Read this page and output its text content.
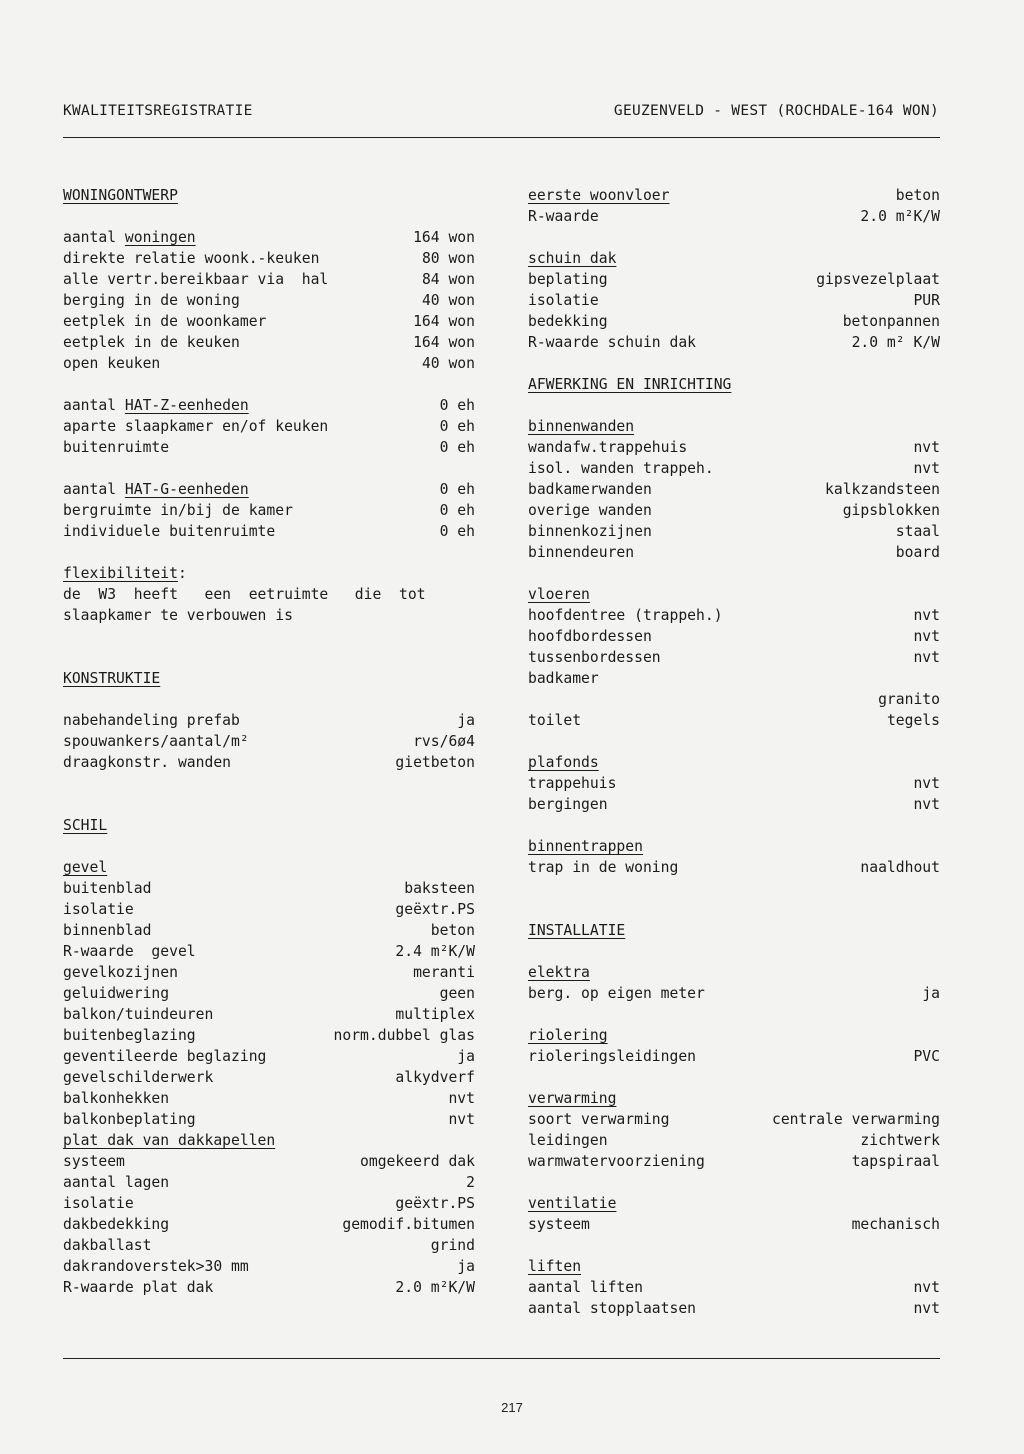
KWALITEITSREGISTRATIE	GEUZENVELD - WEST (ROCHDALE-164 WON)
WONINGONTWERP
aantal woningen	164 won
direkte relatie woonk.-keuken	80 won
alle vertr.bereikbaar via  hal	84 won
berging in de woning	40 won
eetplek in de woonkamer	164 won
eetplek in de keuken	164 won
open keuken	40 won
aantal HAT-Z-eenheden	0 eh
aparte slaapkamer en/of keuken	0 eh
buitenruimte	0 eh
aantal HAT-G-eenheden	0 eh
bergruimte in/bij de kamer	0 eh
individuele buitenruimte	0 eh
flexibiliteit:
de  W3  heeft   een  eetruimte   die  tot
slaapkamer te verbouwen is
KONSTRUKTIE
nabehandeling prefab	ja
spouwankers/aantal/m²	rvs/6ø4
draagkonstr. wanden	gietbeton
SCHIL
gevel
buitenblad	baksteen
isolatie	geëxtr.PS
binnenblad	beton
R-waarde  gevel	2.4 m²K/W
gevelkozijnen	meranti
geluidwering	geen
balkon/tuindeuren	multiplex
buitenbeglazing	norm.dubbel glas
geventileerde beglazing	ja
gevelschilderwerk	alkydverf
balkonhekken	nvt
balkonbeplating	nvt
plat dak van dakkapellen
systeem	omgekeerd dak
aantal lagen	2
isolatie	geëxtr.PS
dakbedekking	gemodif.bitumen
dakballast	grind
dakrandoverstek>30 mm	ja
R-waarde plat dak	2.0 m²K/W
eerste woonvloer	beton
R-waarde	2.0 m²K/W
schuin dak
beplating	gipsvezelplaat
isolatie	PUR
bedekking	betonpannen
R-waarde schuin dak	2.0 m² K/W
AFWERKING EN INRICHTING
binnenwanden
wandafw.trappehuis	nvt
isol. wanden trappeh.	nvt
badkamerwanden	kalkzandsteen
overige wanden	gipsblokken
binnenkozijnen	staal
binnendeuren	board
vloeren
hoofdentree (trappeh.)	nvt
hoofdbordessen	nvt
tussenbordessen	nvt
badkamer
granito
toilet	tegels
plafonds
trappehuis	nvt
bergingen	nvt
binnentrappen
trap in de woning	naaldhout
INSTALLATIE
elektra
berg. op eigen meter	ja
riolering
rioleringsleidingen	PVC
verwarming
soort verwarming	centrale verwarming
leidingen	zichtwerk
warmwatervoorziening	tapspiraal
ventilatie
systeem	mechanisch
liften
aantal liften	nvt
aantal stopplaatsen	nvt
217
